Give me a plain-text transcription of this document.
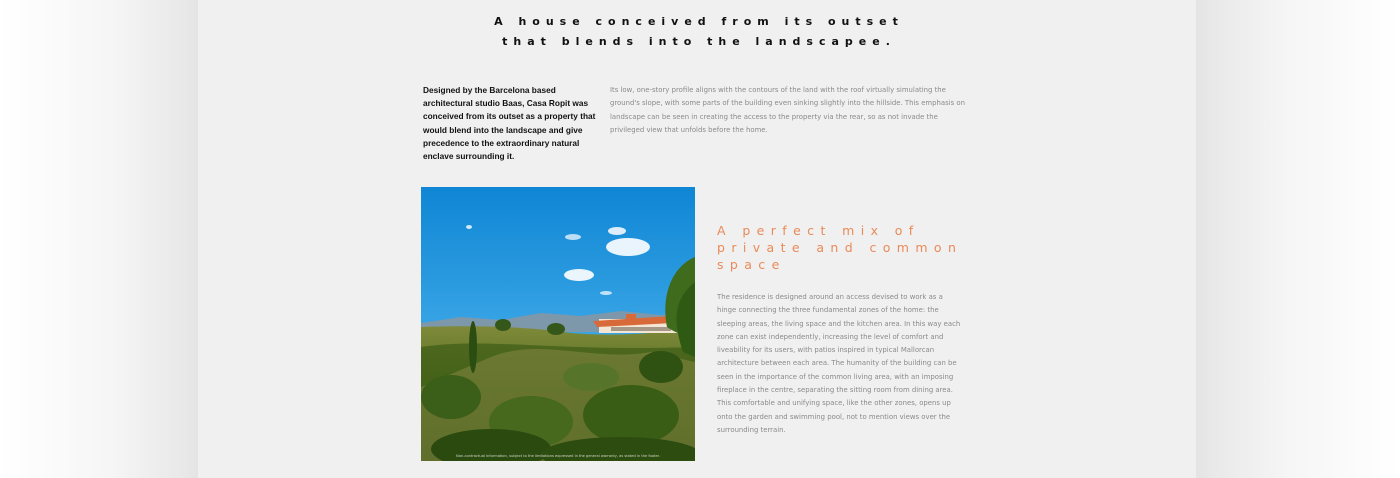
A house conceived from its outset
that blends into the landscapee.
Designed by the Barcelona based architectural studio Baas, Casa Ropit was conceived from its outset as a property that would blend into the landscape and give precedence to the extraordinary natural enclave surrounding it.
Its low, one-story profile aligns with the contours of the land with the roof virtually simulating the ground's slope, with some parts of the building even sinking slightly into the hillside. This emphasis on landscape can be seen in creating the access to the property via the rear, so as not invade the privileged view that unfolds before the home.
Non-contractual information, subject to the limitations expressed in the general warranty, as stated in the footer.
A perfect mix of private and common space
The residence is designed around an access devised to work as a hinge connecting the three fundamental zones of the home: the sleeping areas, the living space and the kitchen area. In this way each zone can exist independently, increasing the level of comfort and liveability for its users, with patios inspired in typical Mallorcan architecture between each area. The humanity of the building can be seen in the importance of the common living area, with an imposing fireplace in the centre, separating the sitting room from dining area. This comfortable and unifying space, like the other zones, opens up onto the garden and swimming pool, not to mention views over the surrounding terrain.
